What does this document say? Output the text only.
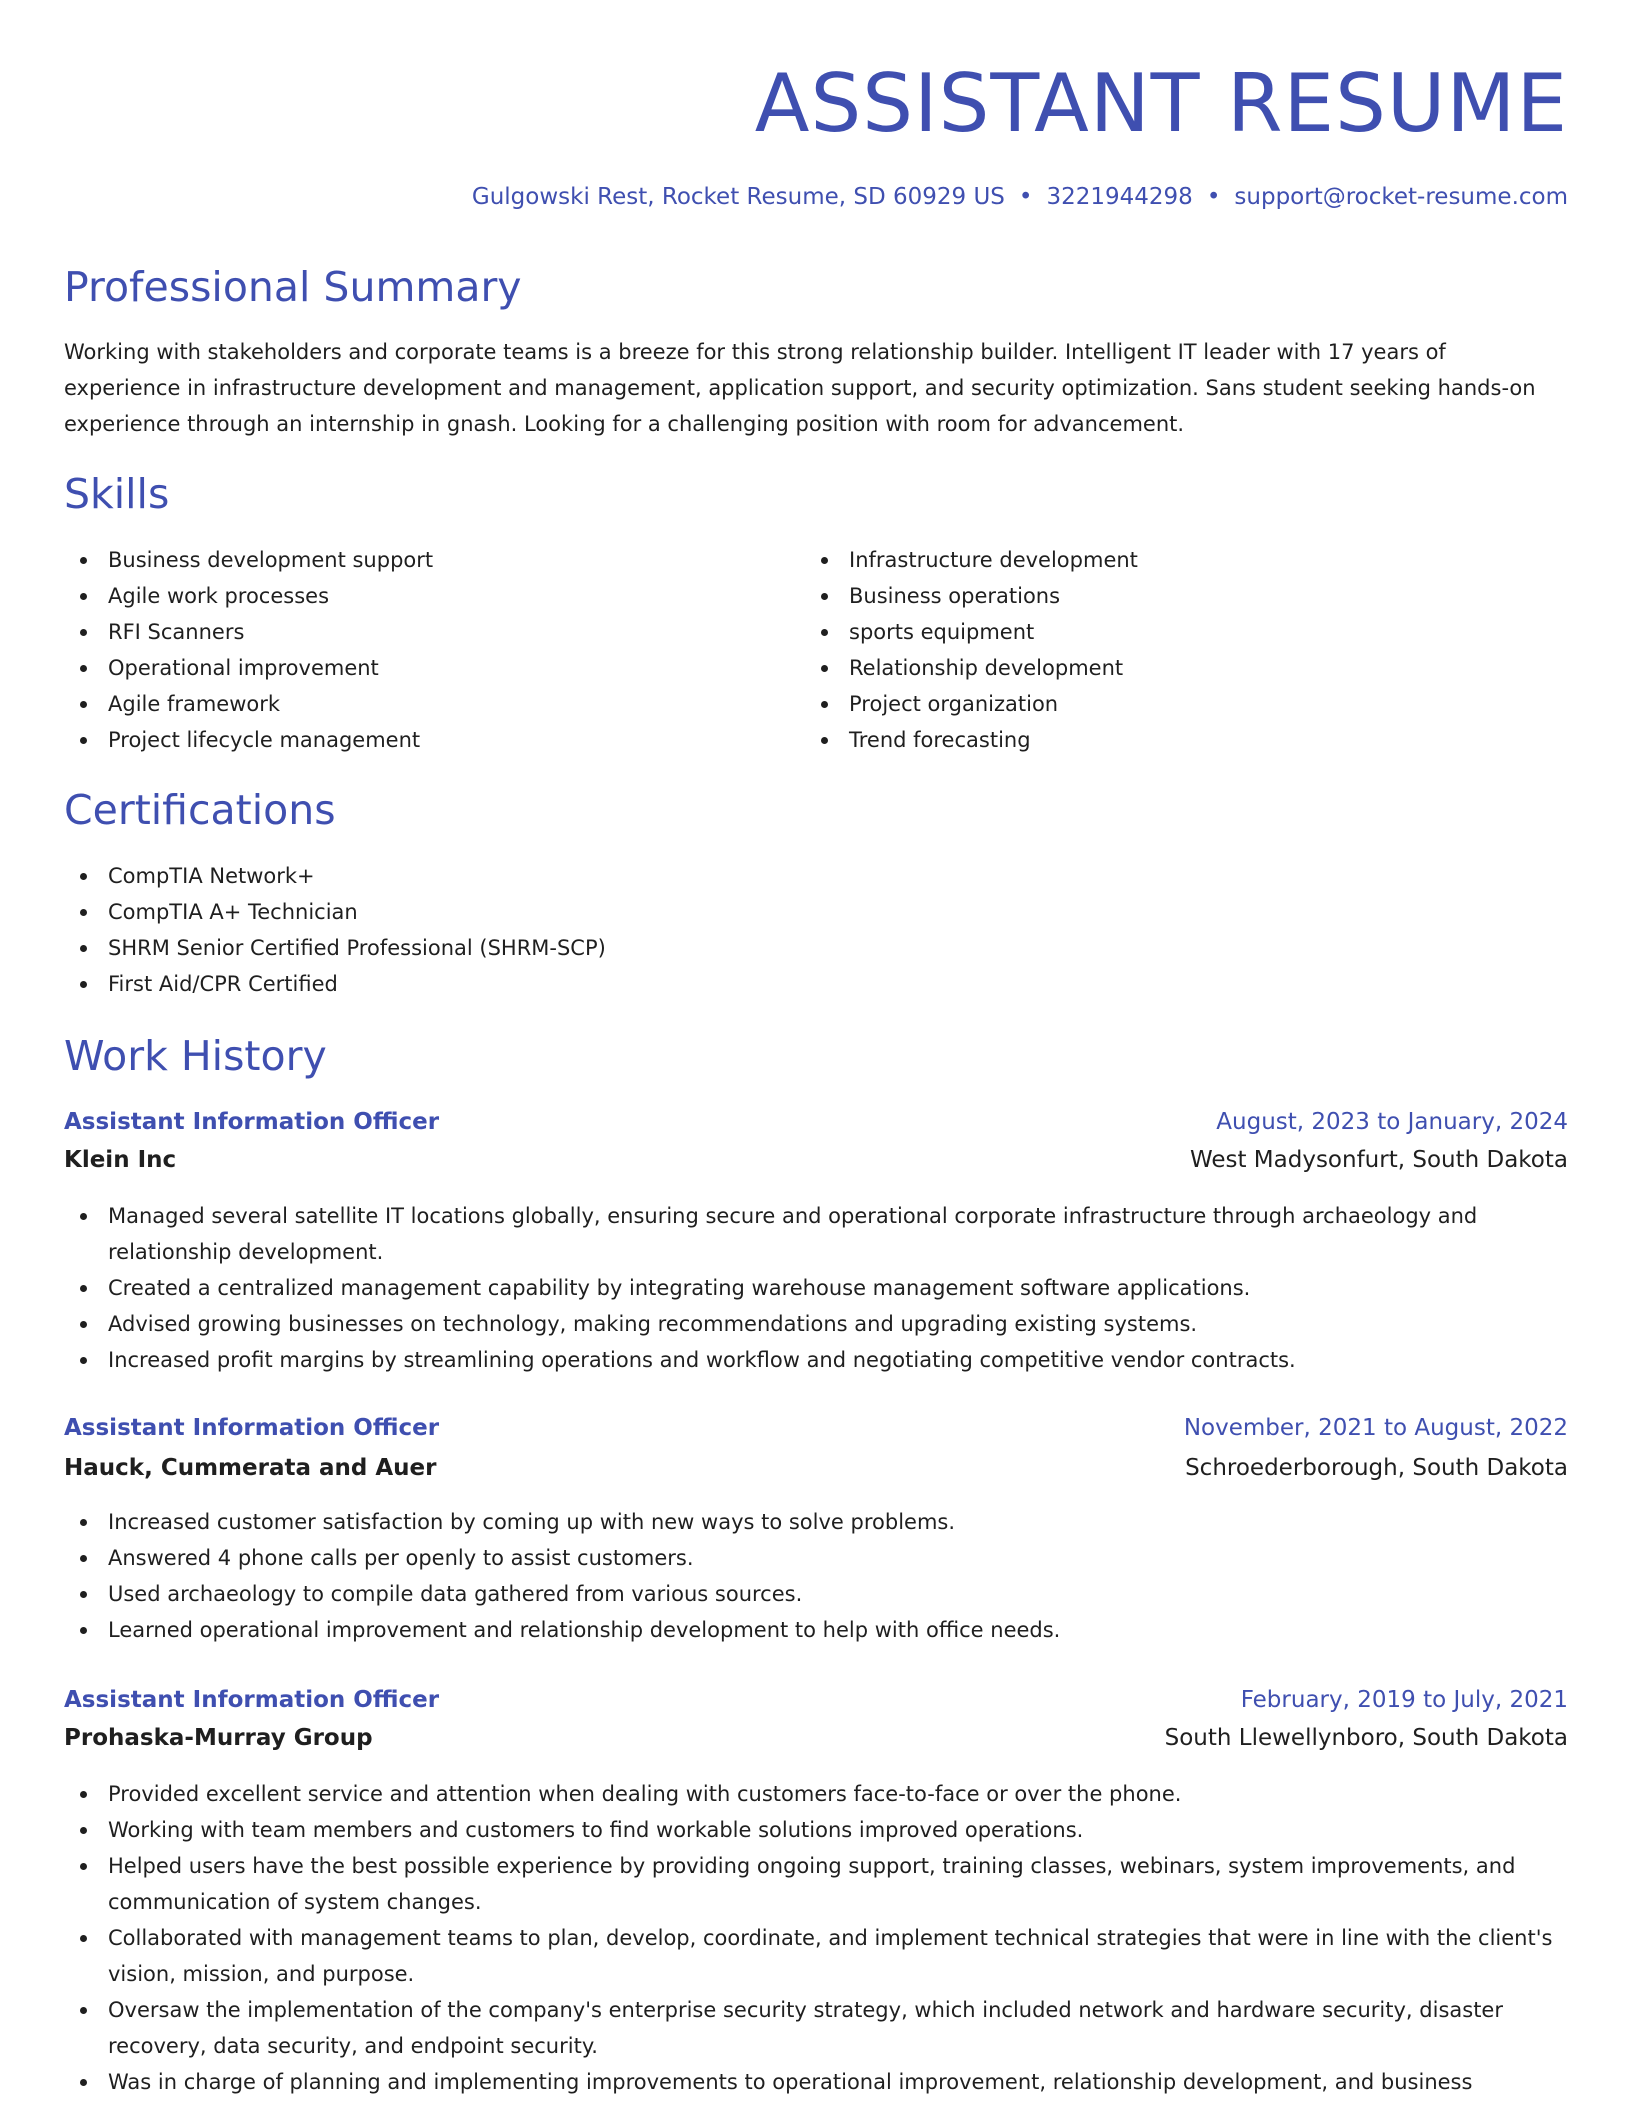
ASSISTANT RESUME
Gulgowski Rest, Rocket Resume, SD 60929 US • 3221944298 • support@rocket-resume.com
Professional Summary

Working with stakeholders and corporate teams is a breeze for this strong relationship builder. Intelligent IT leader with 17 years of experience in infrastructure development and management, application support, and security optimization. Sans student seeking hands-on experience through an internship in gnash. Looking for a challenging position with room for advancement.

Skills
Business development support
Agile work processes
RFI Scanners
Operational improvement
Agile framework
Project lifecycle management
Infrastructure development
Business operations
sports equipment
Relationship development
Project organization
Trend forecasting
Certifications
CompTIA Network+
CompTIA A+ Technician
SHRM Senior Certified Professional (SHRM-SCP)
First Aid/CPR Certified
Work History
Assistant Information Officer	August, 2023 to January, 2024
Klein Inc	West Madysonfurt, South Dakota
Managed several satellite IT locations globally, ensuring secure and operational corporate infrastructure through archaeology and relationship development.
Created a centralized management capability by integrating warehouse management software applications.
Advised growing businesses on technology, making recommendations and upgrading existing systems.
Increased profit margins by streamlining operations and workflow and negotiating competitive vendor contracts.
Assistant Information Officer	November, 2021 to August, 2022
Hauck, Cummerata and Auer	Schroederborough, South Dakota
Increased customer satisfaction by coming up with new ways to solve problems.
Answered 4 phone calls per openly to assist customers.
Used archaeology to compile data gathered from various sources.
Learned operational improvement and relationship development to help with office needs.
Assistant Information Officer	February, 2019 to July, 2021
Prohaska-Murray Group	South Llewellynboro, South Dakota
Provided excellent service and attention when dealing with customers face-to-face or over the phone.
Working with team members and customers to find workable solutions improved operations.
Helped users have the best possible experience by providing ongoing support, training classes, webinars, system improvements, and communication of system changes.
Collaborated with management teams to plan, develop, coordinate, and implement technical strategies that were in line with the client's vision, mission, and purpose.
Oversaw the implementation of the company's enterprise security strategy, which included network and hardware security, disaster recovery, data security, and endpoint security.
Was in charge of planning and implementing improvements to operational improvement, relationship development, and business
